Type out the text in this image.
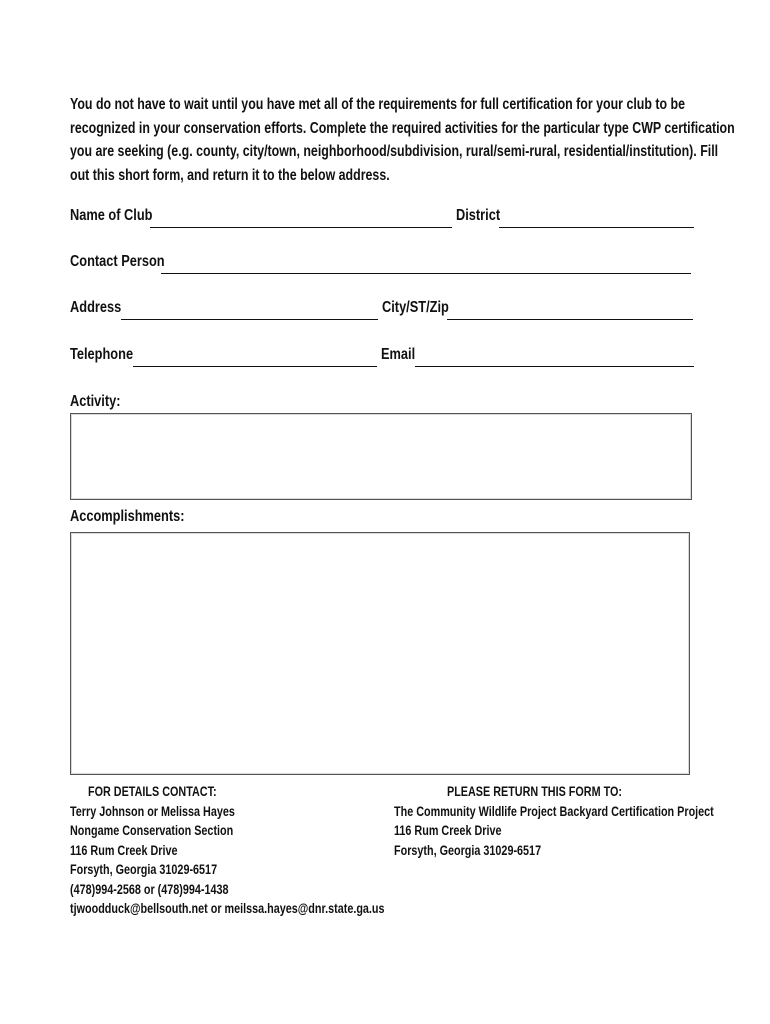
You do not have to wait until you have met all of the requirements for full certification for your club to be
recognized in your conservation efforts. Complete the required activities for the particular type CWP certification
you are seeking (e.g. county, city/town, neighborhood/subdivision, rural/semi-rural, residential/institution). Fill
out this short form, and return it to the below address.
Name of Club	District
Contact Person
Address	City/ST/Zip
Telephone	Email
Activity:
Accomplishments:
FOR DETAILS CONTACT:
Terry Johnson or Melissa Hayes
Nongame Conservation Section
116 Rum Creek Drive
Forsyth, Georgia 31029-6517
(478)994-2568 or (478)994-1438
tjwoodduck@bellsouth.net or meilssa.hayes@dnr.state.ga.us
PLEASE RETURN THIS FORM TO:
The Community Wildlife Project Backyard Certification Project
116 Rum Creek Drive
Forsyth, Georgia 31029-6517
